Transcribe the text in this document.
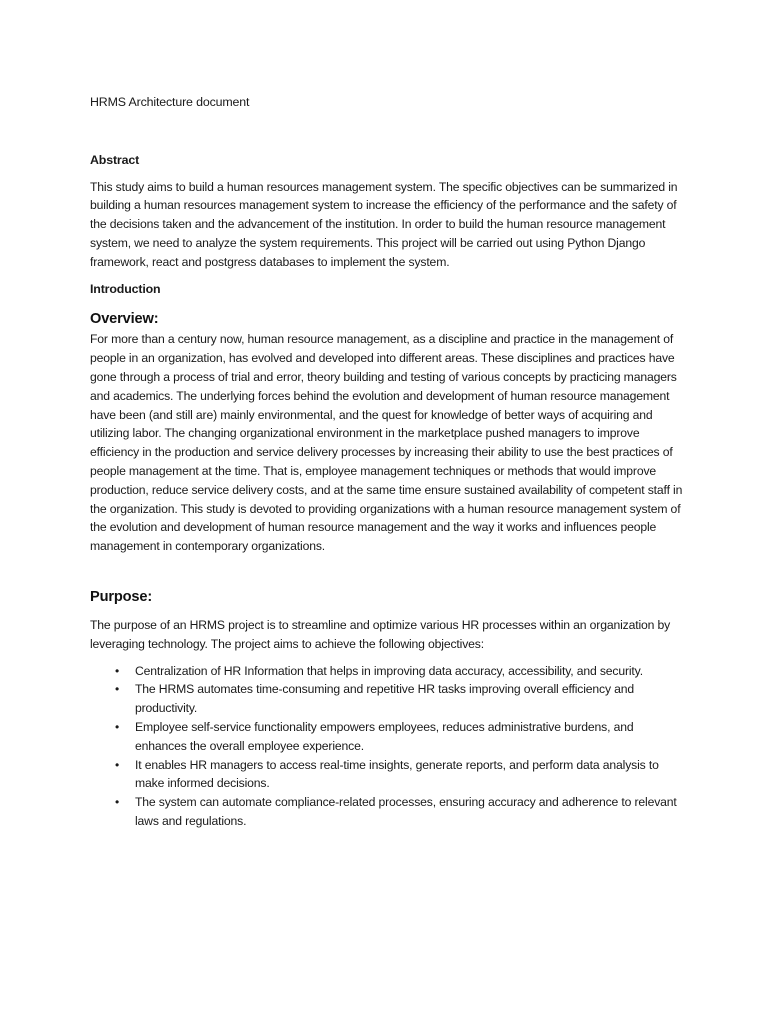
HRMS Architecture document

Abstract

This study aims to build a human resources management system. The specific objectives can be summarized in building a human resources management system to increase the efficiency of the performance and the safety of the decisions taken and the advancement of the institution. In order to build the human resource management system, we need to analyze the system requirements. This project will be carried out using Python Django framework, react and postgress databases to implement the system.

Introduction

Overview:

For more than a century now, human resource management, as a discipline and practice in the management of people in an organization, has evolved and developed into different areas. These disciplines and practices have gone through a process of trial and error, theory building and testing of various concepts by practicing managers and academics. The underlying forces behind the evolution and development of human resource management have been (and still are) mainly environmental, and the quest for knowledge of better ways of acquiring and utilizing labor. The changing organizational environment in the marketplace pushed managers to improve efficiency in the production and service delivery processes by increasing their ability to use the best practices of people management at the time. That is, employee management techniques or methods that would improve production, reduce service delivery costs, and at the same time ensure sustained availability of competent staff in the organization. This study is devoted to providing organizations with a human resource management system of the evolution and development of human resource management and the way it works and influences people management in contemporary organizations.

Purpose:

The purpose of an HRMS project is to streamline and optimize various HR processes within an organization by leveraging technology. The project aims to achieve the following objectives:

• Centralization of HR Information that helps in improving data accuracy, accessibility, and security.
• The HRMS automates time-consuming and repetitive HR tasks improving overall efficiency and productivity.
• Employee self-service functionality empowers employees, reduces administrative burdens, and enhances the overall employee experience.
• It enables HR managers to access real-time insights, generate reports, and perform data analysis to make informed decisions.
• The system can automate compliance-related processes, ensuring accuracy and adherence to relevant laws and regulations.
